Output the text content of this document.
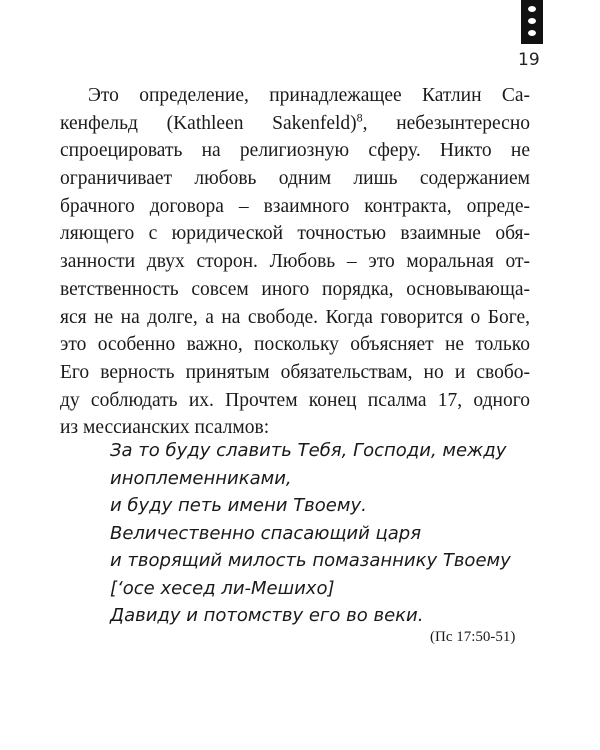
19
Это определение, принадлежащее Катлин Са-
кенфельд (Kathleen Sakenfeld)$^8$, небезынтересно
спроецировать на религиозную сферу. Никто не
ограничивает любовь одним лишь содержанием
брачного договора – взаимного контракта, опреде-
ляющего с юридической точностью взаимные обя-
занности двух сторон. Любовь – это моральная от-
ветственность совсем иного порядка, основывающа-
яся не на долге, а на свободе. Когда говорится о Боге,
это особенно важно, поскольку объясняет не только
Его верность принятым обязательствам, но и свобо-
ду соблюдать их. Прочтем конец псалма 17, одного
из мессианских псалмов:
За то буду славить Тебя, Господи, между
иноплеменниками,
и буду петь имени Твоему.
Величественно спасающий царя
и творящий милость помазаннику Твоему
[‘осе хесед ли-Мешихо]
Давиду и потомству его во веки.
(Пс 17:50-51)
